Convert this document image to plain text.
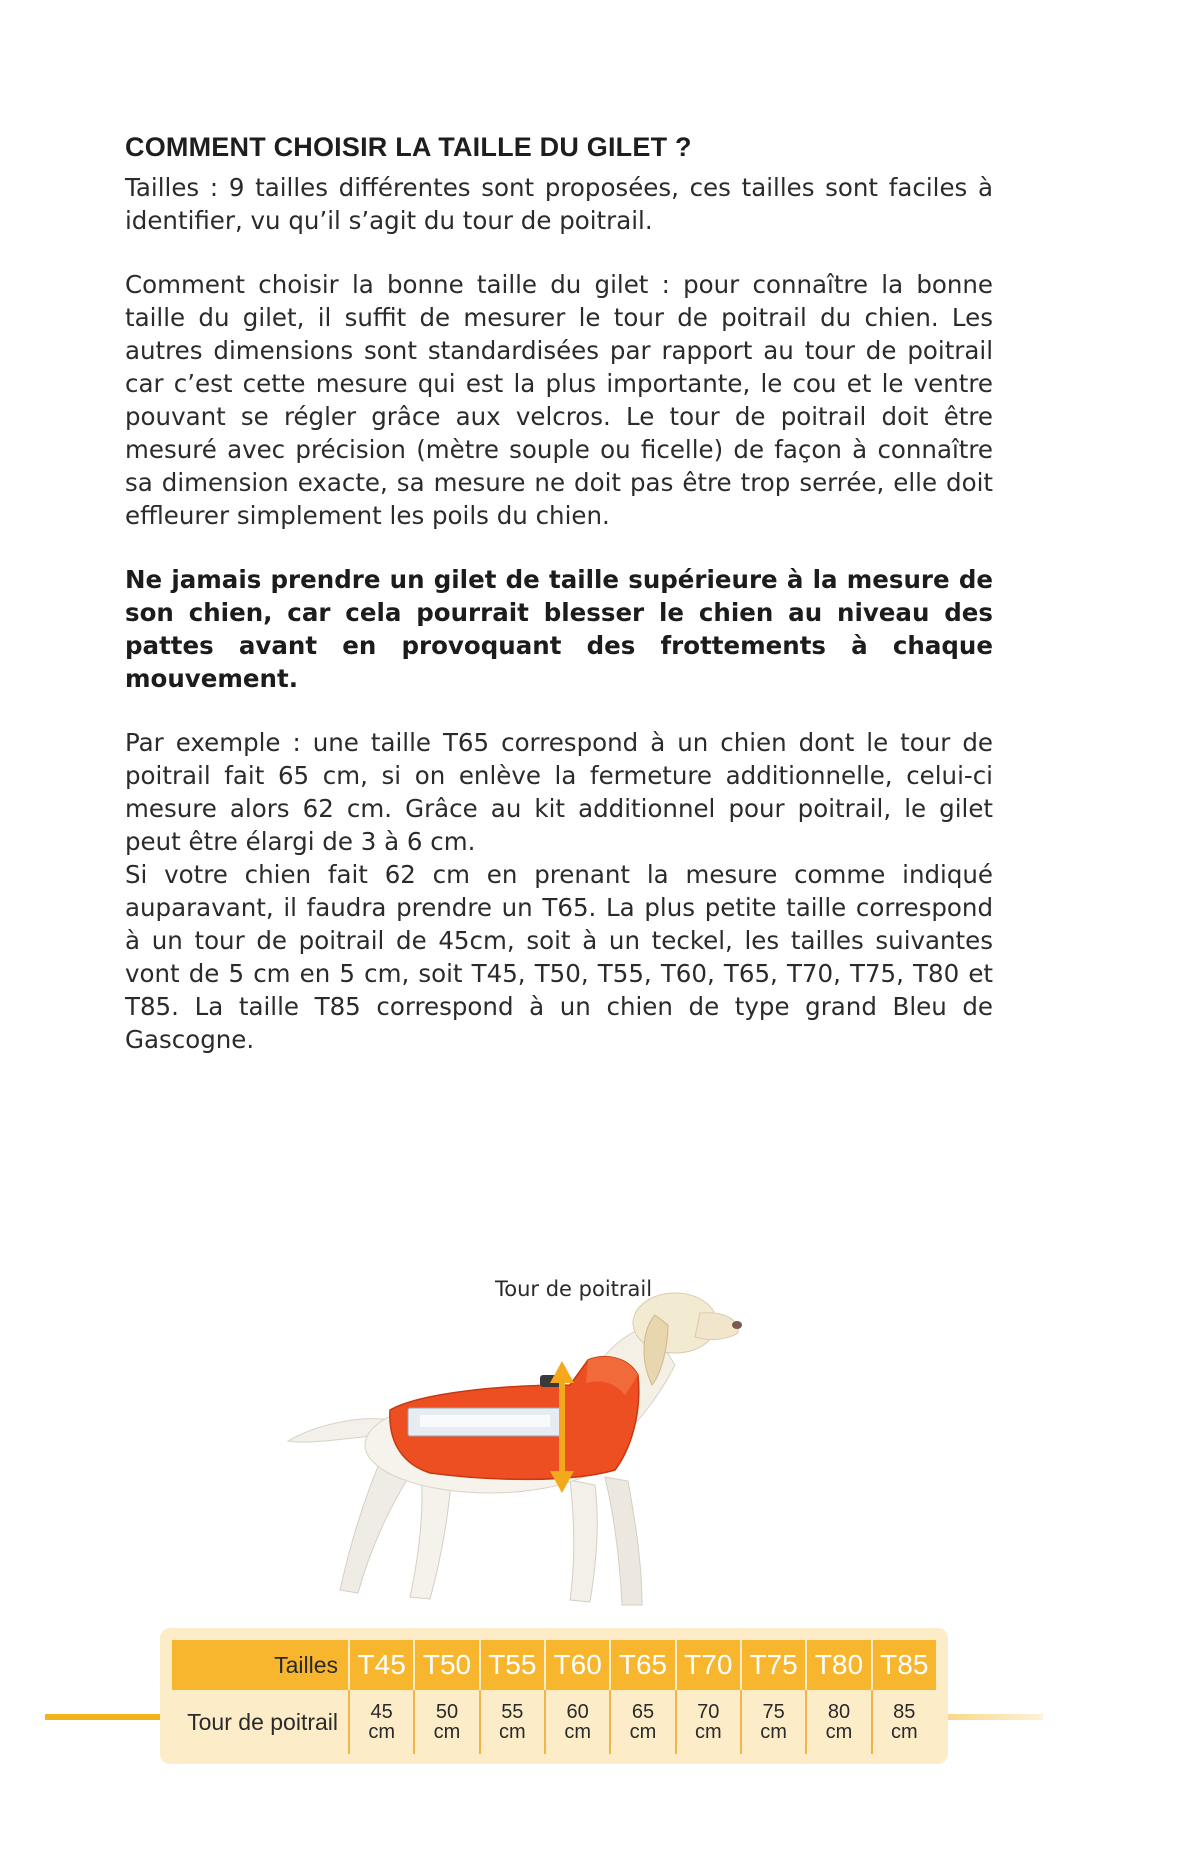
COMMENT CHOISIR LA TAILLE DU GILET ?

Tailles : 9 tailles différentes sont proposées, ces tailles sont faciles à identifier, vu qu’il s’agit du tour de poitrail.

Comment choisir la bonne taille du gilet : pour connaître la bonne taille du gilet, il suffit de mesurer le tour de poitrail du chien. Les autres dimensions sont standardisées par rapport au tour de poitrail car c’est cette mesure qui est la plus importante, le cou et le ventre pouvant se régler grâce aux velcros. Le tour de poitrail doit être mesuré avec précision (mètre souple ou ficelle) de façon à connaître sa dimension exacte, sa mesure ne doit pas être trop serrée, elle doit effleurer simplement les poils du chien.

Ne jamais prendre un gilet de taille supérieure à la mesure de son chien, car cela pourrait blesser le chien au niveau des pattes avant en provoquant des frottements à chaque mouvement.

Par exemple : une taille T65 correspond à un chien dont le tour de poitrail fait 65 cm, si on enlève la fermeture additionnelle, celui-ci mesure alors 62 cm. Grâce au kit additionnel pour poitrail, le gilet peut être élargi de 3 à 6 cm.

Si votre chien fait 62 cm en prenant la mesure comme indiqué auparavant, il faudra prendre un T65. La plus petite taille correspond à un tour de poitrail de 45cm, soit à un teckel, les tailles suivantes vont de 5 cm en 5 cm, soit T45, T50, T55, T60, T65, T70, T75, T80 et T85. La taille T85 correspond à un chien de type grand Bleu de Gascogne.

Tour de poitrail
Tailles T45 T50 T55 T60 T65 T70 T75 T80 T85
Tour de poitrail	45
cm
50
cm
55
cm
60
cm
65
cm
70
cm
75
cm
80
cm
85
cm
